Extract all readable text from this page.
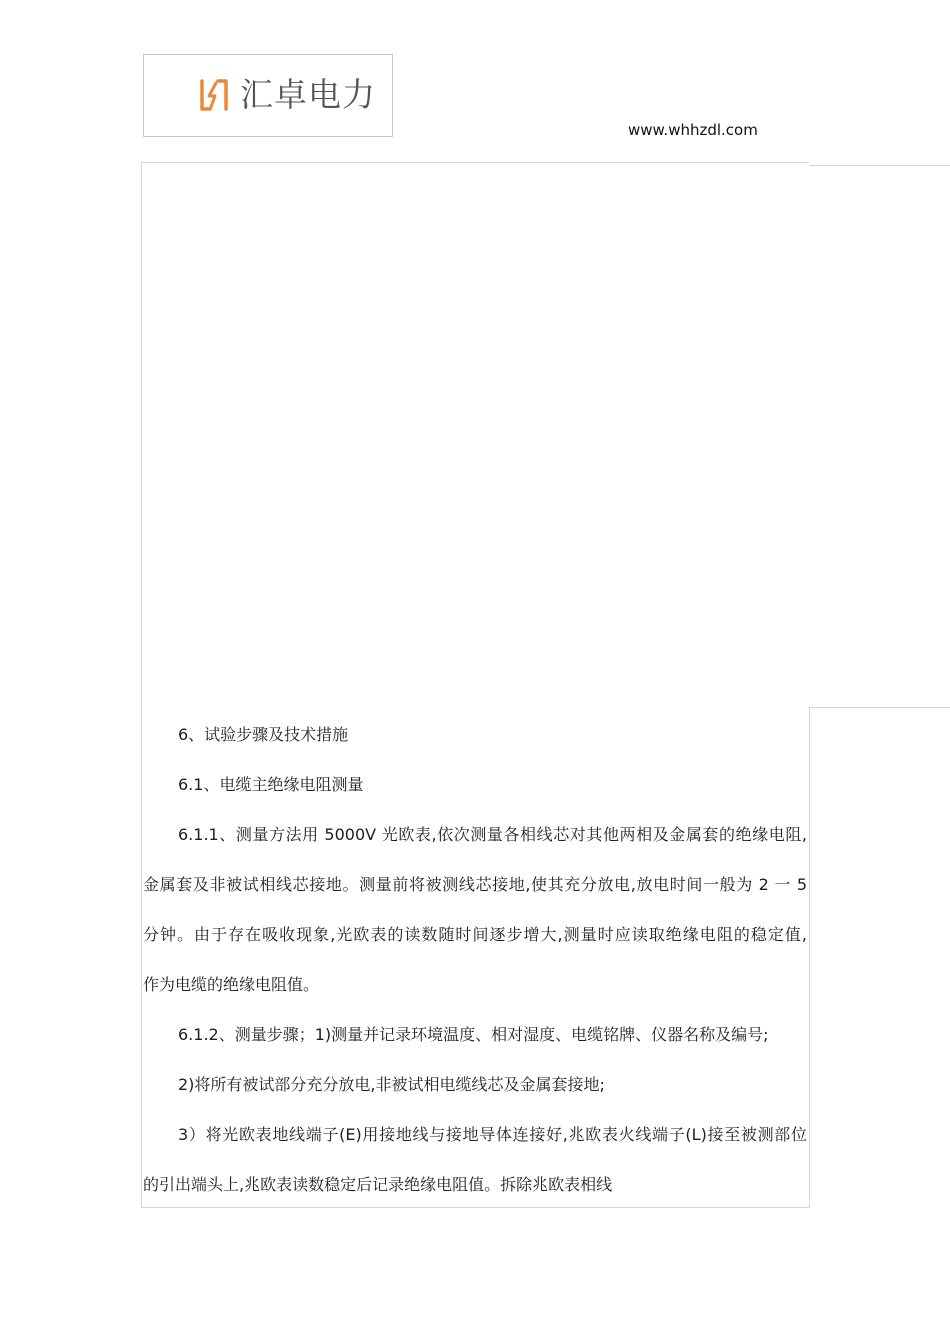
汇卓电力
www.whhzdl.com
6、试验步骤及技术措施
6.1、电缆主绝缘电阻测量
6.1.1、测量方法用 5000V 光欧表,依次测量各相线芯对其他两相及金属套的绝缘电阻,
金属套及非被试相线芯接地。测量前将被测线芯接地,使其充分放电,放电时间一般为 2 一 5
分钟。由于存在吸收现象,光欧表的读数随时间逐步增大,测量时应读取绝缘电阻的稳定值,
作为电缆的绝缘电阻值。
6.1.2、测量步骤；1)测量并记录环境温度、相对湿度、电缆铭牌、仪器名称及编号;
2)将所有被试部分充分放电,非被试相电缆线芯及金属套接地;
3）将光欧表地线端子(E)用接地线与接地导体连接好,兆欧表火线端子(L)接至被测部位
的引出端头上,兆欧表读数稳定后记录绝缘电阻值。拆除兆欧表相线
